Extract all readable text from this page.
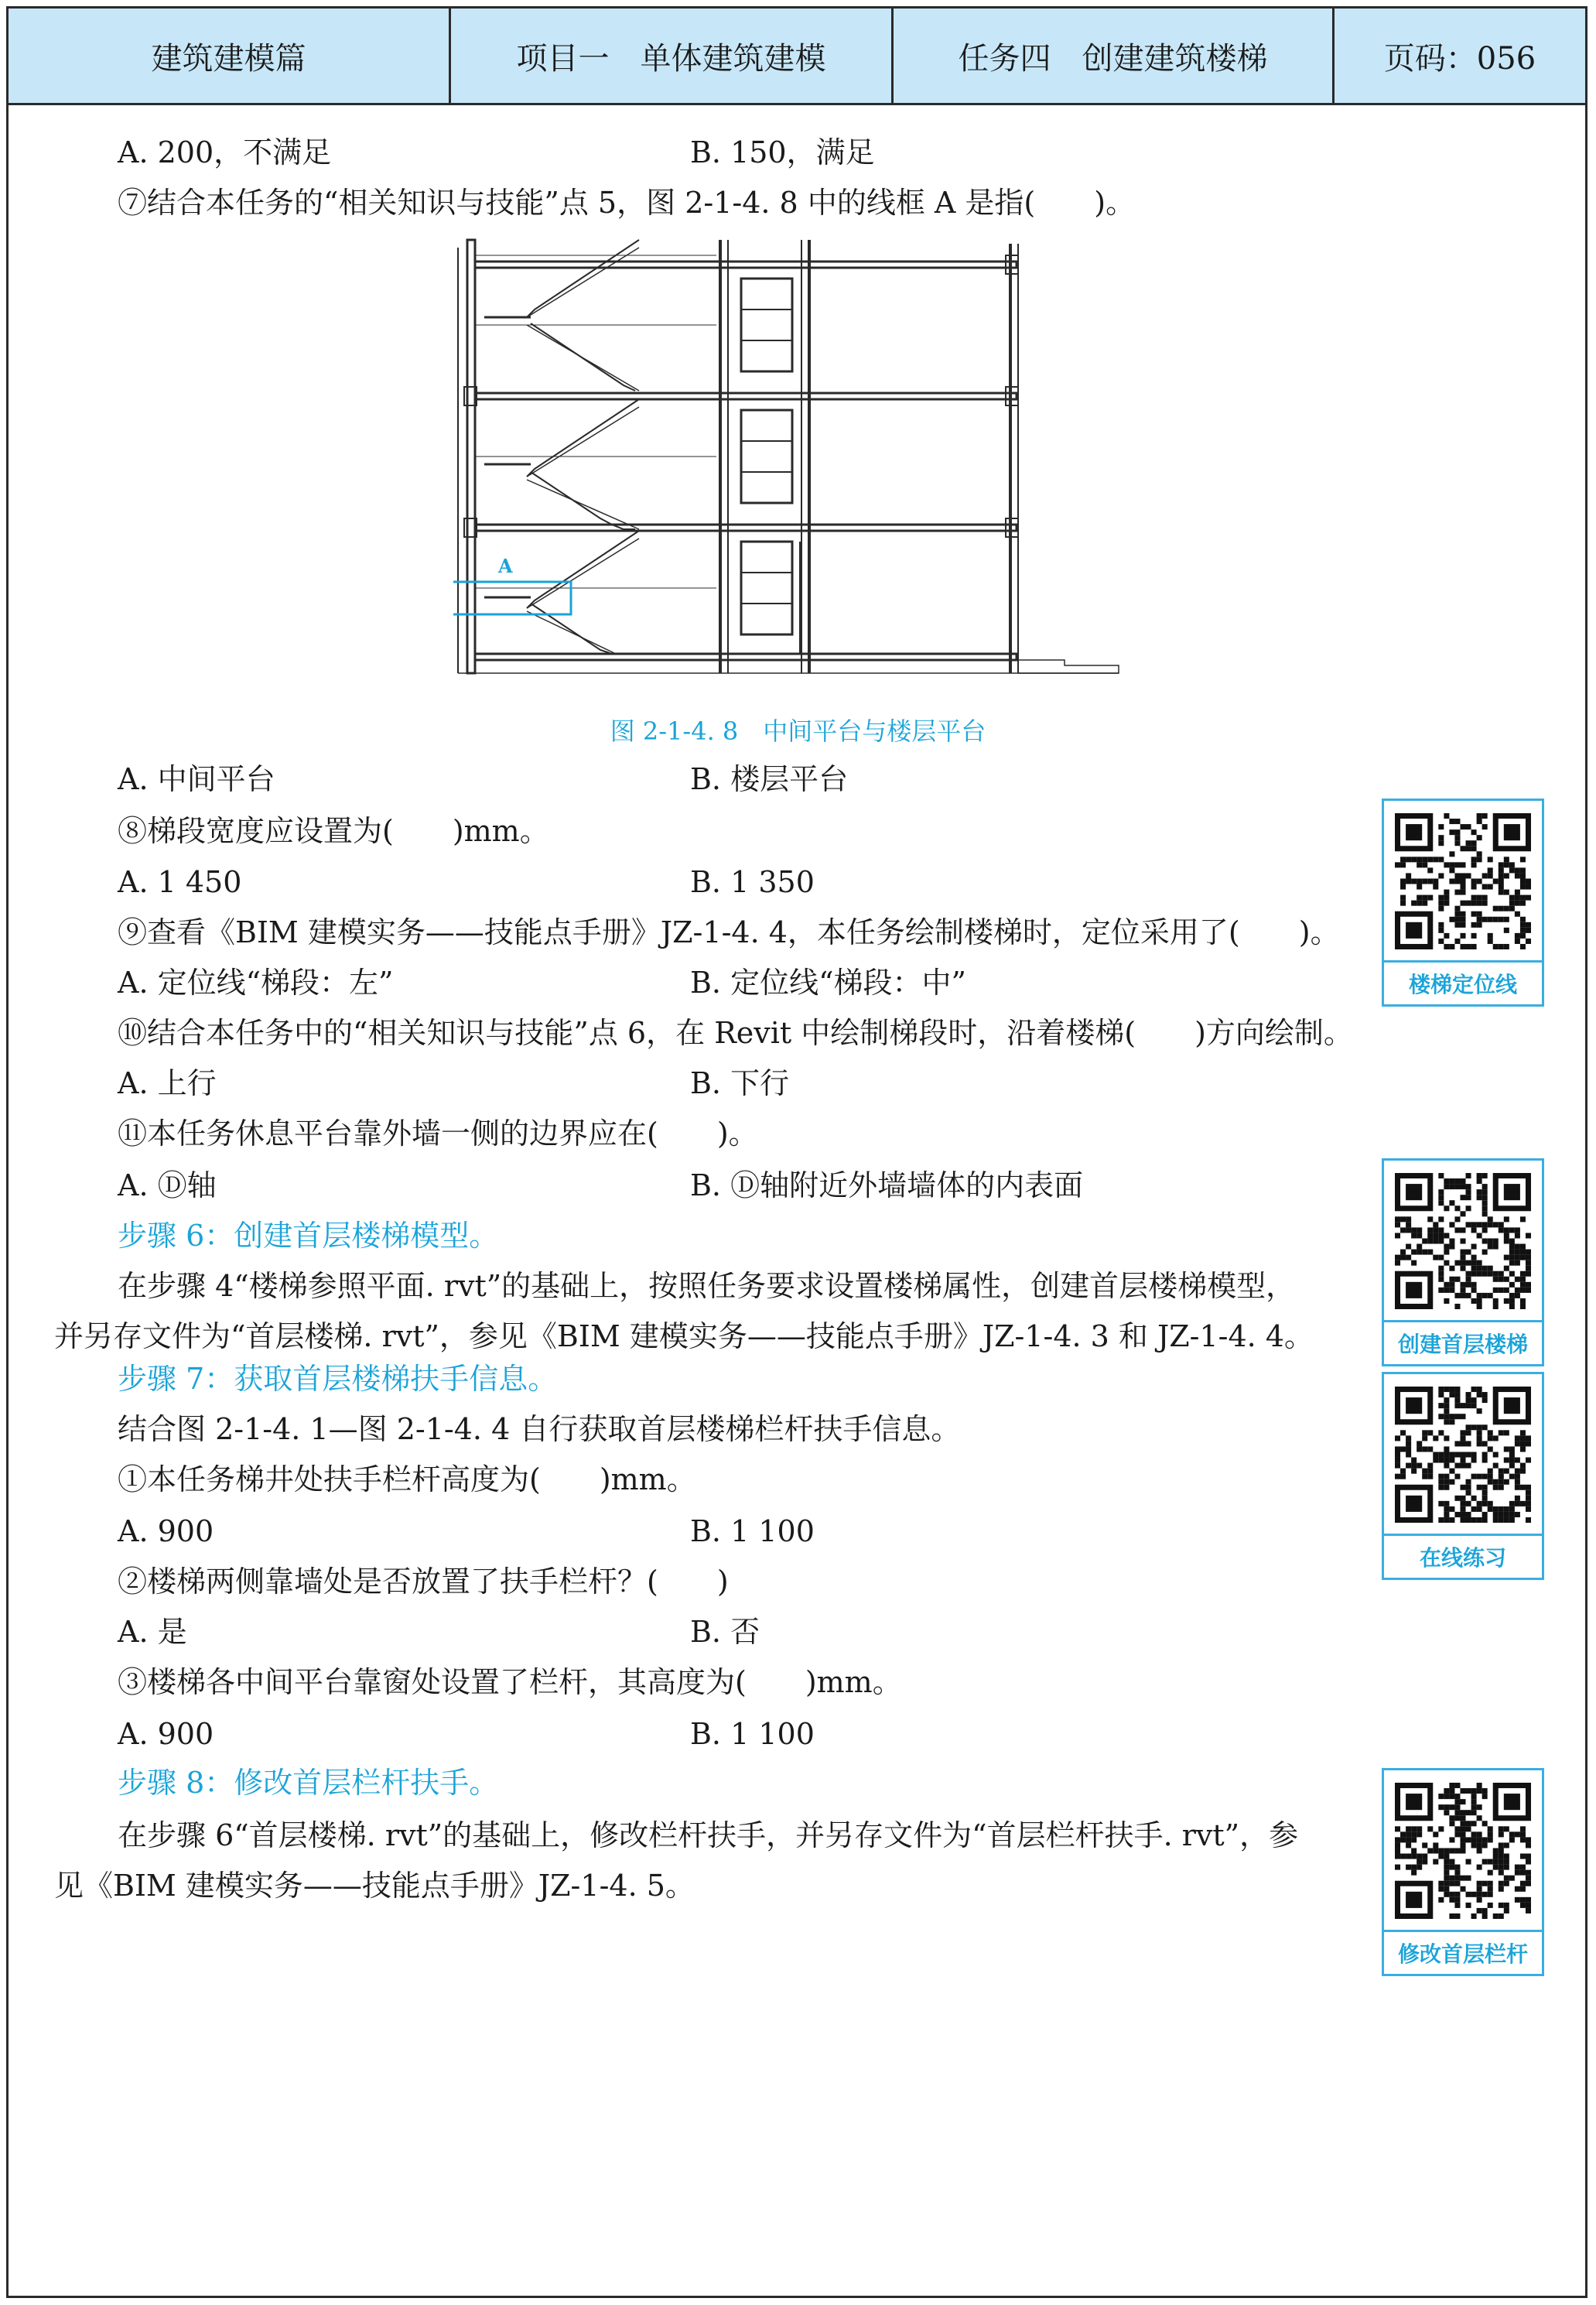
建筑建模篇	项目一　单体建筑建模	任务四　创建建筑楼梯	页码：056
A. 200，不满足	B. 150，满足
⑦结合本任务的“相关知识与技能”点 5，图 2-1-4. 8 中的线框 A 是指(　　)。
A
图 2-1-4. 8　中间平台与楼层平台
A. 中间平台	B. 楼层平台
⑧梯段宽度应设置为(　　)mm。
A. 1 450	B. 1 350
⑨查看《BIM 建模实务——技能点手册》JZ-1-4. 4，本任务绘制楼梯时，定位采用了(　　)。
A. 定位线“梯段：左”	B. 定位线“梯段：中”
⑩结合本任务中的“相关知识与技能”点 6，在 Revit 中绘制梯段时，沿着楼梯(　　)方向绘制。
A. 上行	B. 下行
⑪本任务休息平台靠外墙一侧的边界应在(　　)。
A. Ⓓ轴	B. Ⓓ轴附近外墙墙体的内表面
步骤 6：创建首层楼梯模型。
在步骤 4“楼梯参照平面. rvt”的基础上，按照任务要求设置楼梯属性，创建首层楼梯模型，
并另存文件为“首层楼梯. rvt”，参见《BIM 建模实务——技能点手册》JZ-1-4. 3 和 JZ-1-4. 4。
步骤 7：获取首层楼梯扶手信息。
结合图 2-1-4. 1—图 2-1-4. 4 自行获取首层楼梯栏杆扶手信息。
①本任务梯井处扶手栏杆高度为(　　)mm。
A. 900	B. 1 100
②楼梯两侧靠墙处是否放置了扶手栏杆？(　　)
A. 是	B. 否
③楼梯各中间平台靠窗处设置了栏杆，其高度为(　　)mm。
A. 900	B. 1 100
步骤 8：修改首层栏杆扶手。
在步骤 6“首层楼梯. rvt”的基础上，修改栏杆扶手，并另存文件为“首层栏杆扶手. rvt”，参
见《BIM 建模实务——技能点手册》JZ-1-4. 5。
楼梯定位线
创建首层楼梯
在线练习
修改首层栏杆
